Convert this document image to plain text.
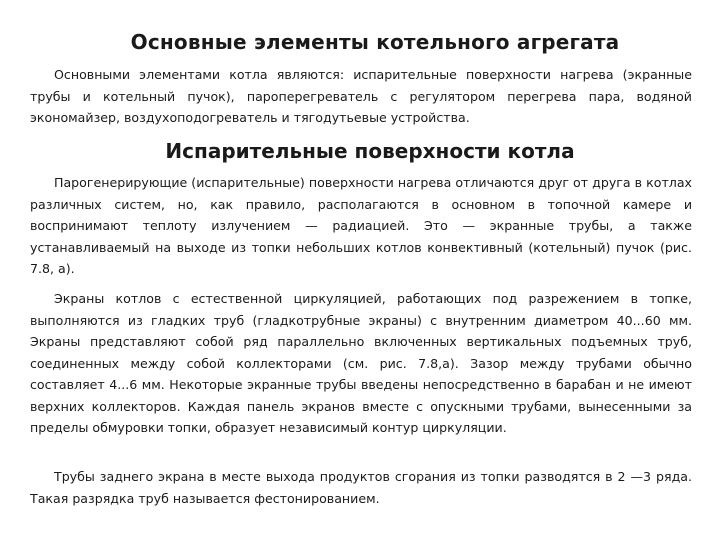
Основные элементы котельного агрегата

Основными элементами котла являются: испарительные поверхности нагрева (экранные трубы и котельный пучок), пароперегреватель с регулятором перегрева пара, водяной экономайзер, воздухоподогреватель и тягодутьевые устройства.

Испарительные поверхности котла

Парогенерирующие (испарительные) поверхности нагрева отличаются друг от друга в котлах различных систем, но, как правило, располагаются в основном в топочной камере и воспринимают теплоту излучением — радиацией. Это — экранные трубы, а также устанавливаемый на выходе из топки небольших котлов конвективный (котельный) пучок (рис. 7.8, а).

Экраны котлов с естественной циркуляцией, работающих под разрежением в топке, выполняются из гладких труб (гладкотрубные экраны) с внутренним диаметром 40...60 мм. Экраны представляют собой ряд параллельно включенных вертикальных подъемных труб, соединенных между собой коллекторами (см. рис. 7.8,а). Зазор между трубами обычно составляет 4...6 мм. Некоторые экранные трубы введены непосредственно в барабан и не имеют верхних коллекторов. Каждая панель экранов вместе с опускными трубами, вынесенными за пределы обмуровки топки, образует независимый контур циркуляции.

Трубы заднего экрана в месте выхода продуктов сгорания из топки разводятся в 2 —3 ряда. Такая разрядка труб называется фестонированием.
